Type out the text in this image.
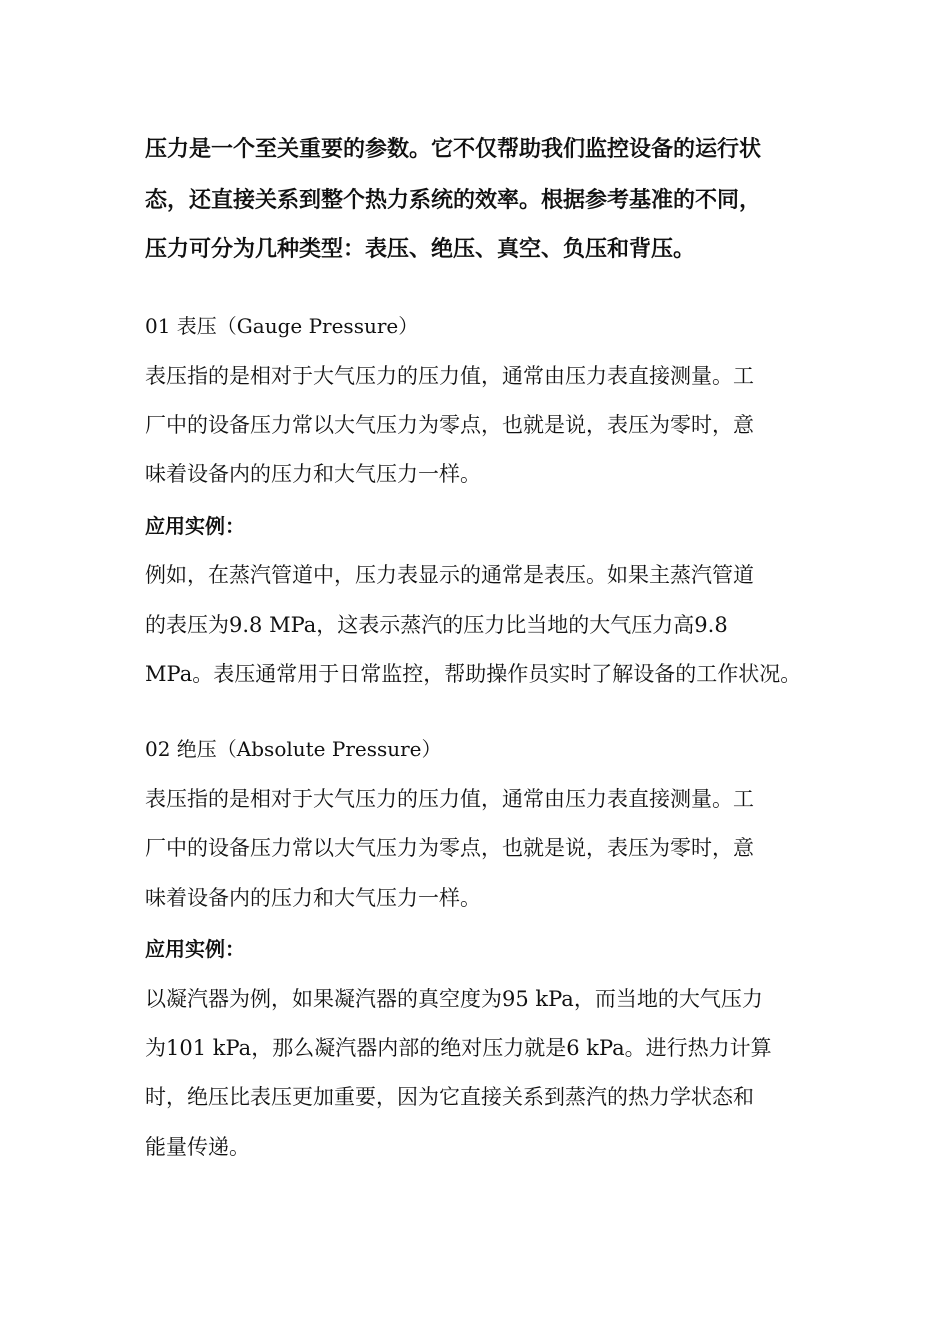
压力是一个至关重要的参数。它不仅帮助我们监控设备的运行状
态，还直接关系到整个热力系统的效率。根据参考基准的不同，
压力可分为几种类型：表压、绝压、真空、负压和背压。
01 表压（Gauge Pressure）
表压指的是相对于大气压力的压力值，通常由压力表直接测量。工
厂中的设备压力常以大气压力为零点，也就是说，表压为零时，意
味着设备内的压力和大气压力一样。
应用实例：
例如，在蒸汽管道中，压力表显示的通常是表压。如果主蒸汽管道
的表压为9.8 MPa，这表示蒸汽的压力比当地的大气压力高9.8
MPa。表压通常用于日常监控，帮助操作员实时了解设备的工作状况。
02 绝压（Absolute Pressure）
表压指的是相对于大气压力的压力值，通常由压力表直接测量。工
厂中的设备压力常以大气压力为零点，也就是说，表压为零时，意
味着设备内的压力和大气压力一样。
应用实例：
以凝汽器为例，如果凝汽器的真空度为95 kPa，而当地的大气压力
为101 kPa，那么凝汽器内部的绝对压力就是6 kPa。进行热力计算
时，绝压比表压更加重要，因为它直接关系到蒸汽的热力学状态和
能量传递。
